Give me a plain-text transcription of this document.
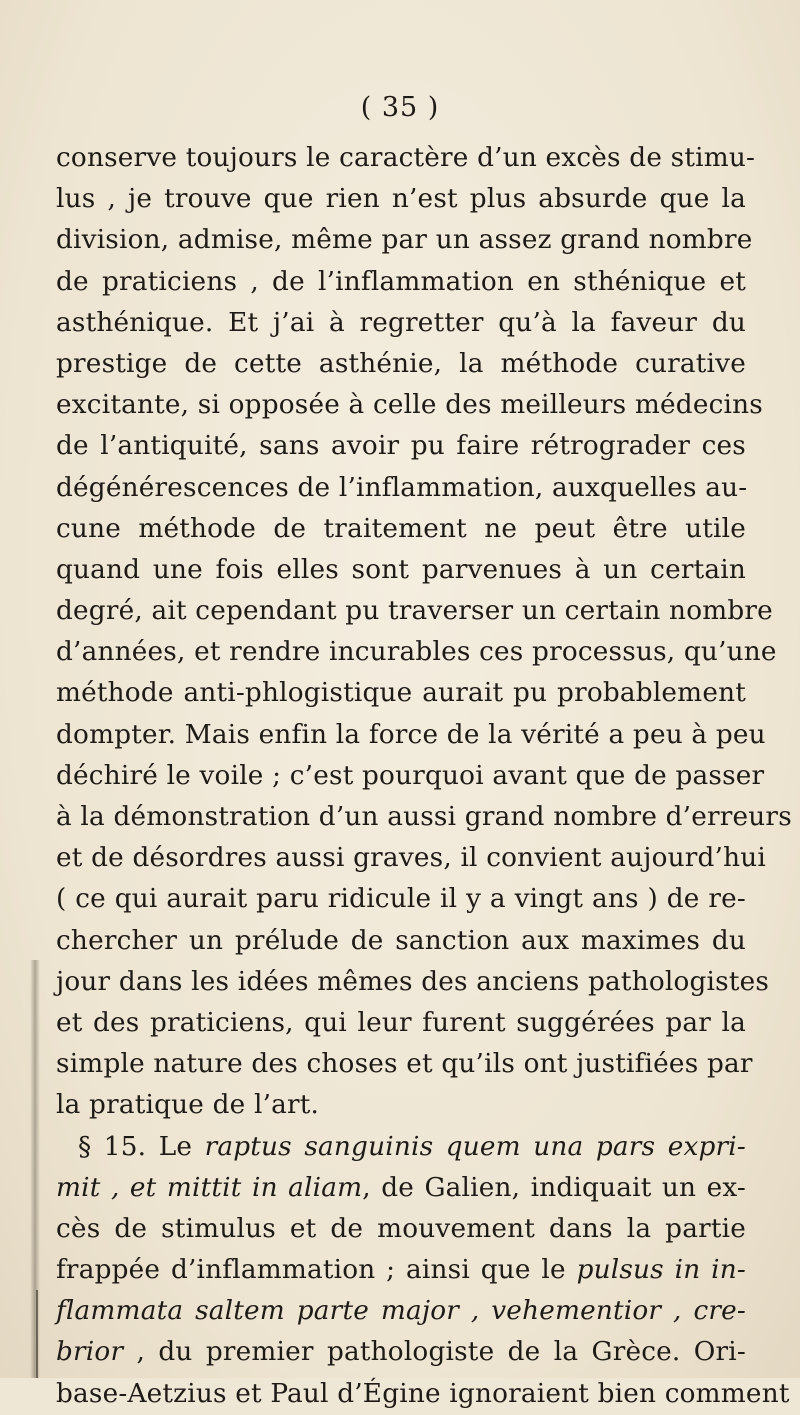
( 35 )
conserve toujours le caractère d’un excès de stimu-
lus , je trouve que rien n’est plus absurde que la
division, admise, même par un assez grand nombre
de praticiens , de l’inflammation en sthénique et
asthénique. Et j’ai à regretter qu’à la faveur du
prestige de cette asthénie, la méthode curative
excitante, si opposée à celle des meilleurs médecins
de l’antiquité, sans avoir pu faire rétrograder ces
dégénérescences de l’inflammation, auxquelles au-
cune méthode de traitement ne peut être utile
quand une fois elles sont parvenues à un certain
degré, ait cependant pu traverser un certain nombre
d’années, et rendre incurables ces processus, qu’une
méthode anti-phlogistique aurait pu probablement
dompter. Mais enfin la force de la vérité a peu à peu
déchiré le voile ; c’est pourquoi avant que de passer
à la démonstration d’un aussi grand nombre d’erreurs
et de désordres aussi graves, il convient aujourd’hui
( ce qui aurait paru ridicule il y a vingt ans ) de re-
chercher un prélude de sanction aux maximes du
jour dans les idées mêmes des anciens pathologistes
et des praticiens, qui leur furent suggérées par la
simple nature des choses et qu’ils ont justifiées par
la pratique de l’art.
§ 15. Le raptus sanguinis quem una pars expri-
mit , et mittit in aliam, de Galien, indiquait un ex-
cès de stimulus et de mouvement dans la partie
frappée d’inflammation ; ainsi que le pulsus in in-
flammata saltem parte major , vehementior , cre-
brior , du premier pathologiste de la Grèce. Ori-
base-Aetzius et Paul d’Égine ignoraient bien comment
